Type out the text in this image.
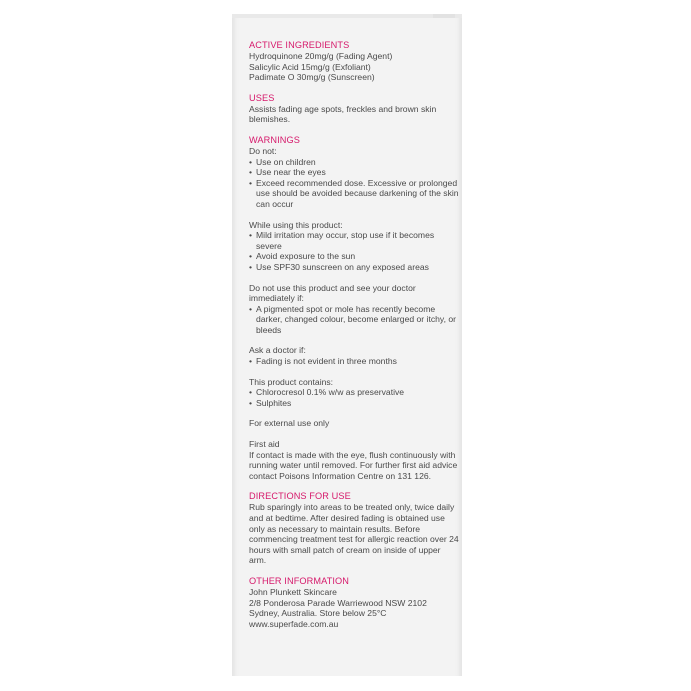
ACTIVE INGREDIENTS

Hydroquinone 20mg/g (Fading Agent)

Salicylic Acid 15mg/g (Exfoliant)

Padimate O 30mg/g (Sunscreen)

USES

Assists fading age spots, freckles and brown skin blemishes.

WARNINGS

Do not:

• Use on children
• Use near the eyes
• Exceed recommended dose. Excessive or prolonged use should be avoided because darkening of the skin can occur

While using this product:

• Mild irritation may occur, stop use if it becomes severe
• Avoid exposure to the sun
• Use SPF30 sunscreen on any exposed areas

Do not use this product and see your doctor immediately if:

• A pigmented spot or mole has recently become darker, changed colour, become enlarged or itchy, or bleeds

Ask a doctor if:

• Fading is not evident in three months

This product contains:

• Chlorocresol 0.1% w/w as preservative
• Sulphites

For external use only

First aid

If contact is made with the eye, flush continuously with running water until removed. For further first aid advice contact Poisons Information Centre on 131 126.

DIRECTIONS FOR USE

Rub sparingly into areas to be treated only, twice daily and at bedtime. After desired fading is obtained use only as necessary to maintain results. Before commencing treatment test for allergic reaction over 24 hours with small patch of cream on inside of upper arm.

OTHER INFORMATION

John Plunkett Skincare

2/8 Ponderosa Parade Warriewood NSW 2102

Sydney, Australia. Store below 25°C

www.superfade.com.au
